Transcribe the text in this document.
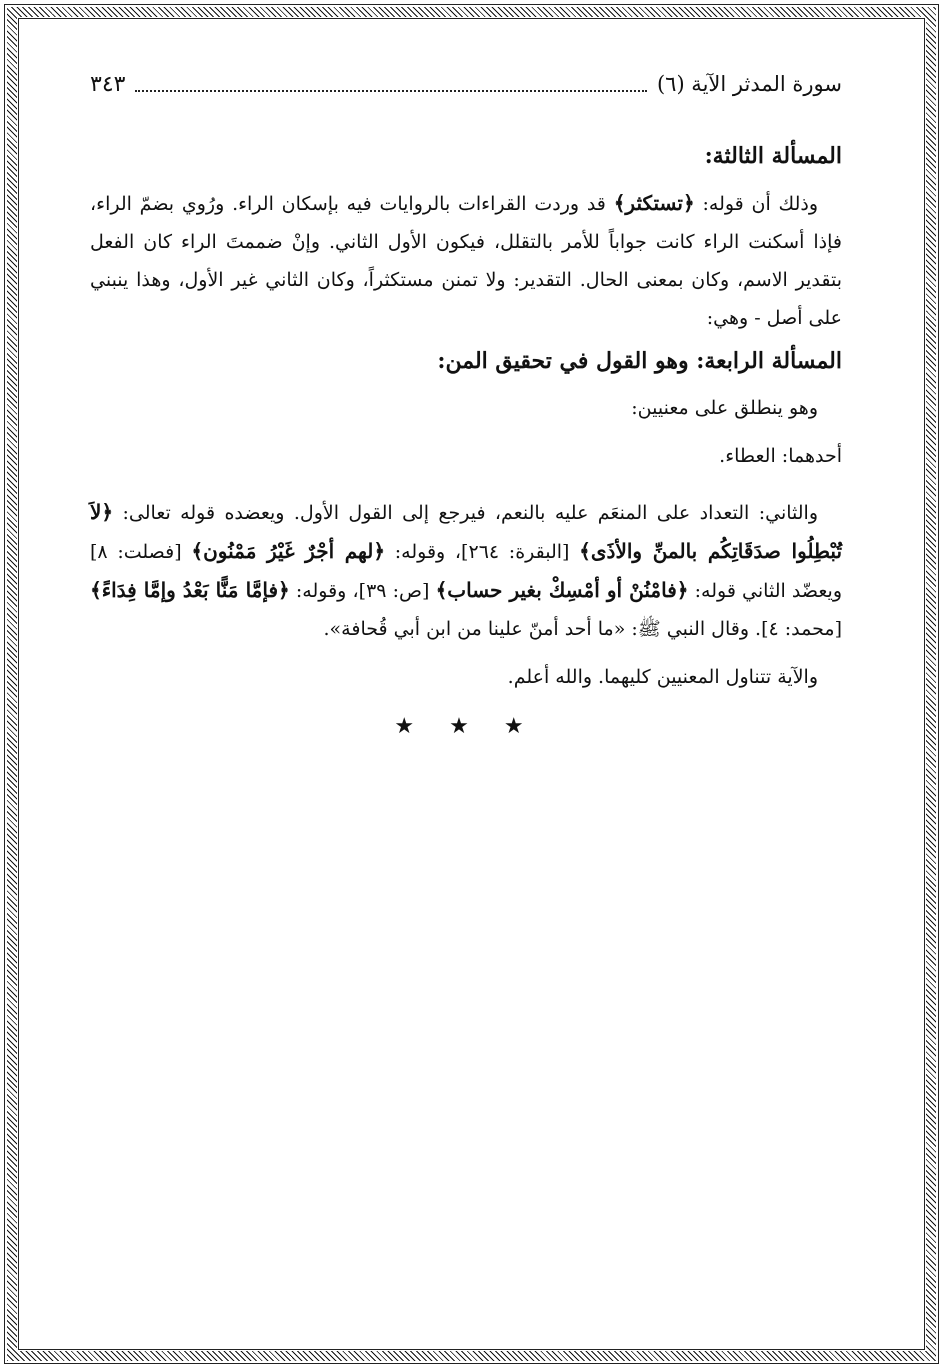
سورة المدثر الآية (٦)
٣٤٣
المسألة الثالثة:

وذلك أن قوله: ﴿تستكثر﴾ قد وردت القراءات بالروايات فيه بإسكان الراء. ورُوي بضمّ الراء، فإذا أسكنت الراء كانت جواباً للأمر بالتقلل، فيكون الأول الثاني. وإنْ ضممتَ الراء كان الفعل بتقدير الاسم، وكان بمعنى الحال. التقدير: ولا تمنن مستكثراً، وكان الثاني غير الأول، وهذا ينبني على أصل - وهي:

المسألة الرابعة: وهو القول في تحقيق المن:

وهو ينطلق على معنيين:

أحدهما: العطاء.

والثاني: التعداد على المنعَم عليه بالنعم، فيرجع إلى القول الأول. ويعضده قوله تعالى: ﴿لاَ تُبْطِلُوا صدَقَاتِكُم بالمنِّ والأذَى﴾ [البقرة: ٢٦٤]، وقوله: ﴿لهم أجْرٌ غَيْرُ مَمْنُون﴾ [فصلت: ٨] ويعضّد الثاني قوله: ﴿فامْنُنْ أو أمْسِكْ بغير حساب﴾ [ص: ٣٩]، وقوله: ﴿فإمَّا مَنًّا بَعْدُ وإمَّا فِدَاءً﴾ [محمد: ٤]. وقال النبي ﷺ: «ما أحد أمنّ علينا من ابن أبي قُحافة».

والآية تتناول المعنيين كليهما. والله أعلم.

★ ★ ★
